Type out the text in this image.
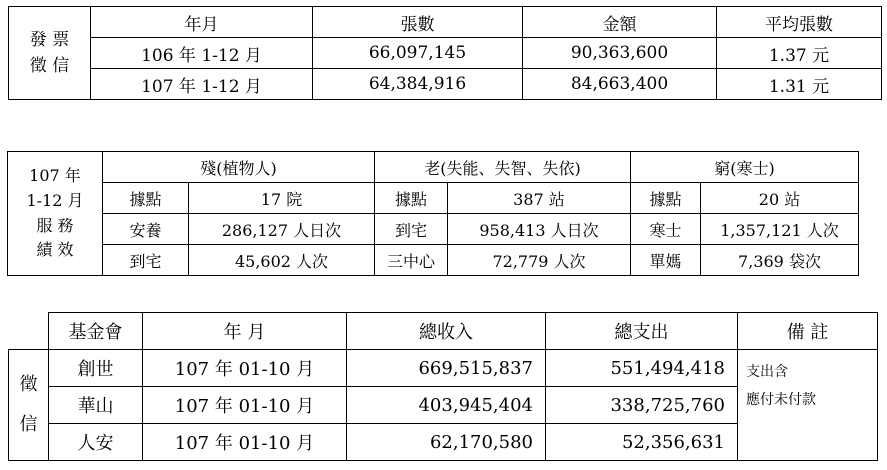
發 票
徵 信	年月	張數	金額	平均張數
	106 年 1-12 月	66,097,145	90,363,600	1.37 元
	107 年 1-12 月	64,384,916	84,663,400	1.31 元
107 年
1-12 月
服 務
績 效	殘(植物人)		老(失能、失智、失依)		窮(寒士)	
	據點	17 院	據點	387 站	據點	20 站
	安養	286,127 人日次	到宅	958,413 人日次	寒士	1,357,121 人次
	到宅	45,602 人次	三中心	72,779 人次	單媽	7,369 袋次
	基金會	年 月	總收入	總支出	備 註

徵
信	創世	107 年 01-10 月	669,515,837	551,494,418	支出含
應付未付款

	華山	107 年 01-10 月	403,945,404	338,725,760	
	人安	107 年 01-10 月	62,170,580	52,356,631	
